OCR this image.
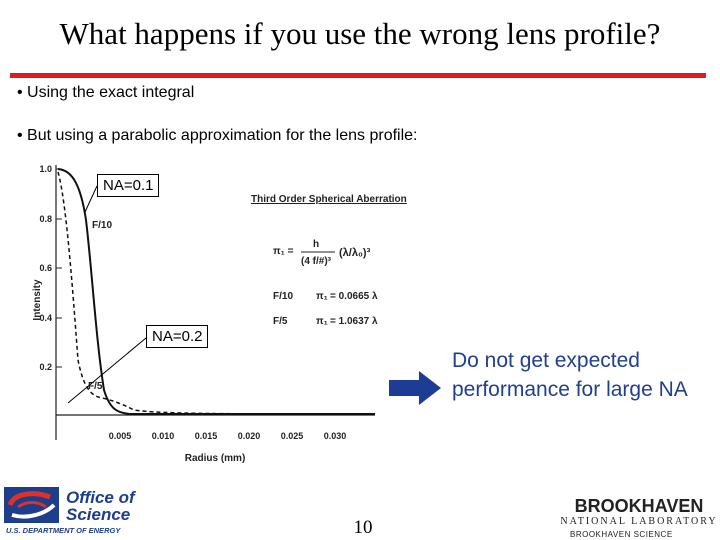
What happens if you use the wrong lens profile?
• Using the exact integral
• But using a parabolic approximation for the lens profile:
1.0
0.8
0.6
0.4
0.2
Intensity
0.005 0.010 0.015 0.020 0.025 0.030
Radius (mm)
F/10
F/5
Third Order Spherical Aberration
π₁ =
h
(4 f/#)³
(λ/λ₀)³
F/10 π₁ = 0.0665 λ
F/5	π₁ = 1.0637 λ
NA=0.1
NA=0.2
Do not get expected performance for large NA
Office of
Science
U.S. DEPARTMENT OF ENERGY	10
BROOKHAVEN
NATIONAL LABORATORY
BROOKHAVEN SCIENCE
